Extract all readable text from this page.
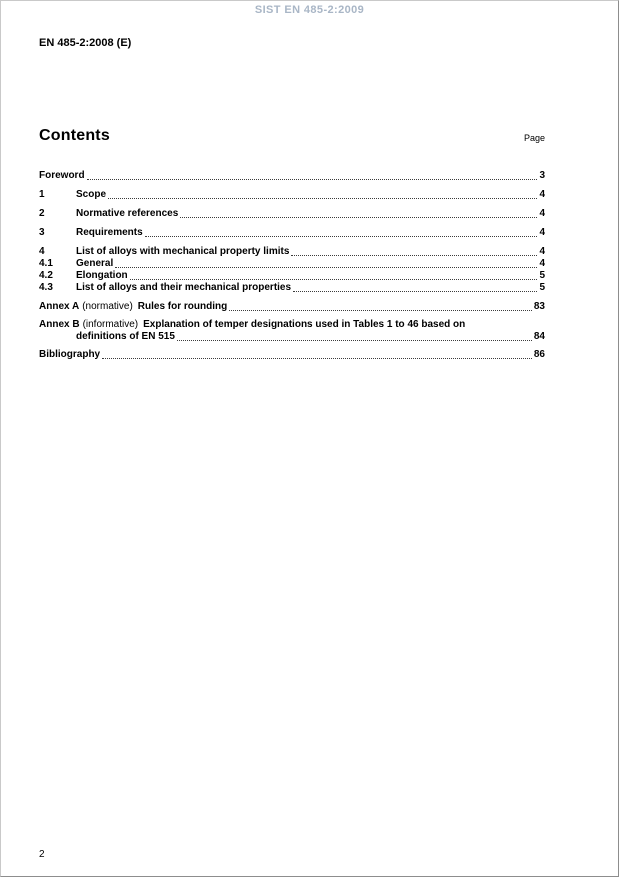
SIST EN 485-2:2009
EN 485-2:2008 (E)
Contents	Page
Foreword	3
1	Scope	4
2	Normative references	4
3	Requirements	4
4	List of alloys with mechanical property limits	4
4.1	General	4
4.2	Elongation	5
4.3	List of alloys and their mechanical properties	5
Annex A (normative) Rules for rounding	83
Annex B (informative) Explanation of temper designations used in Tables 1 to 46 based on
definitions of EN 515	84
Bibliography	86
2
